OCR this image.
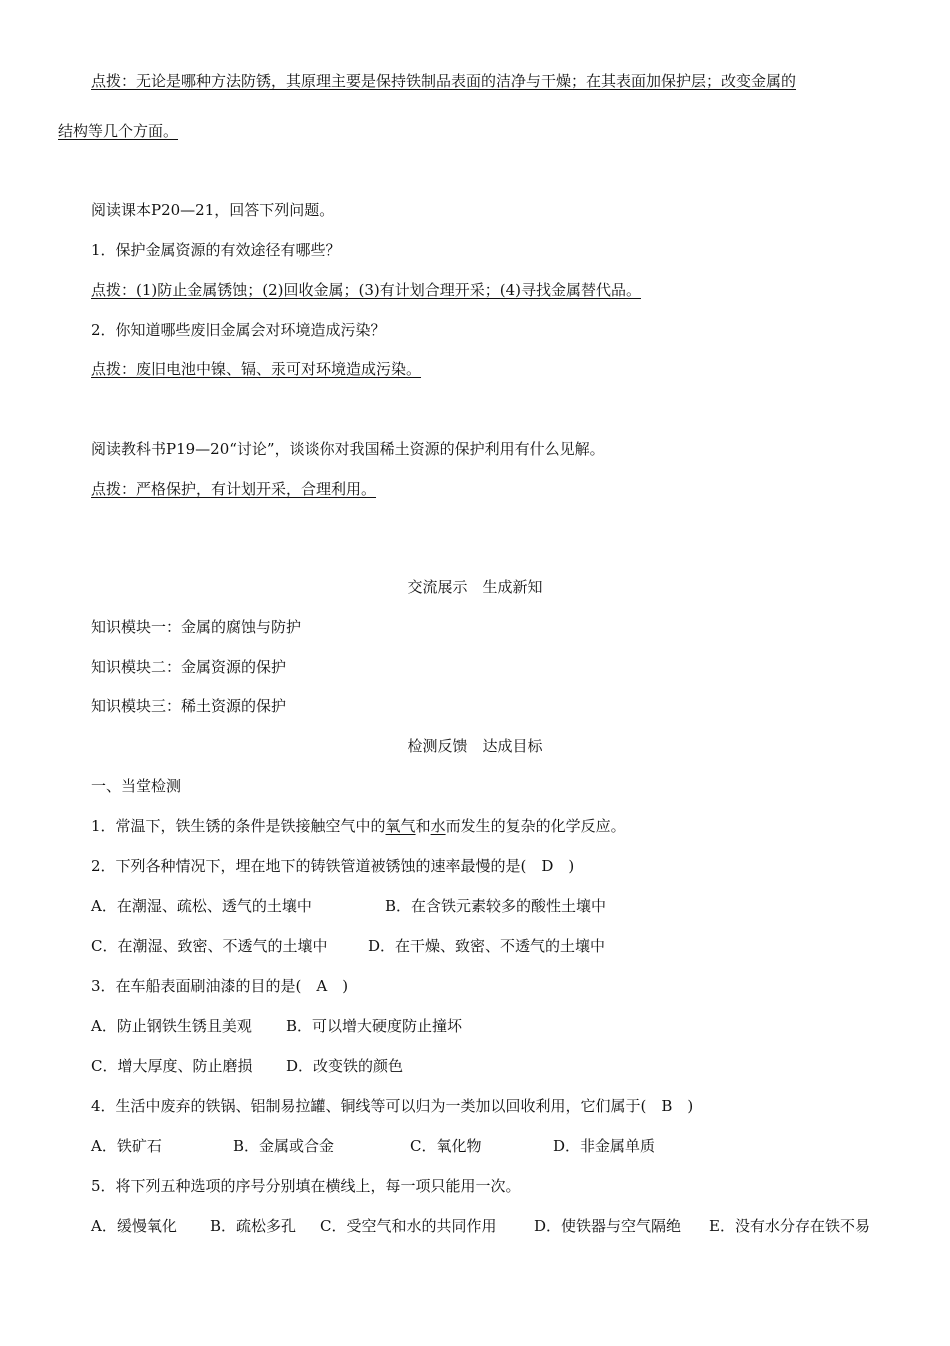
点拨：无论是哪种方法防锈，其原理主要是保持铁制品表面的洁净与干燥；在其表面加保护层；改变金属的
结构等几个方面。
阅读课本P20—21，回答下列问题。
1．保护金属资源的有效途径有哪些？
点拨：(1)防止金属锈蚀；(2)回收金属；(3)有计划合理开采；(4)寻找金属替代品。
2．你知道哪些废旧金属会对环境造成污染？
点拨：废旧电池中镍、镉、汞可对环境造成污染。
阅读教科书P19—20“讨论”，谈谈你对我国稀土资源的保护利用有什么见解。
点拨：严格保护，有计划开采，合理利用。
交流展示　生成新知
知识模块一：金属的腐蚀与防护
知识模块二：金属资源的保护
知识模块三：稀土资源的保护
检测反馈　达成目标
一、当堂检测
1．常温下，铁生锈的条件是铁接触空气中的氧气和水而发生的复杂的化学反应。
2．下列各种情况下，埋在地下的铸铁管道被锈蚀的速率最慢的是(　D　)
A．在潮湿、疏松、透气的土壤中	B．在含铁元素较多的酸性土壤中
C．在潮湿、致密、不透气的土壤中	D．在干燥、致密、不透气的土壤中
3．在车船表面刷油漆的目的是(　A　)
A．防止钢铁生锈且美观 B．可以增大硬度防止撞坏
C．增大厚度、防止磨损 D．改变铁的颜色
4．生活中废弃的铁锅、铝制易拉罐、铜线等可以归为一类加以回收利用，它们属于(　B　)
A．铁矿石	B．金属或合金	C．氧化物	D．非金属单质
5．将下列五种选项的序号分别填在横线上，每一项只能用一次。
A．缓慢氧化 B．疏松多孔 C．受空气和水的共同作用	D．使铁器与空气隔绝 E．没有水分存在铁不易
